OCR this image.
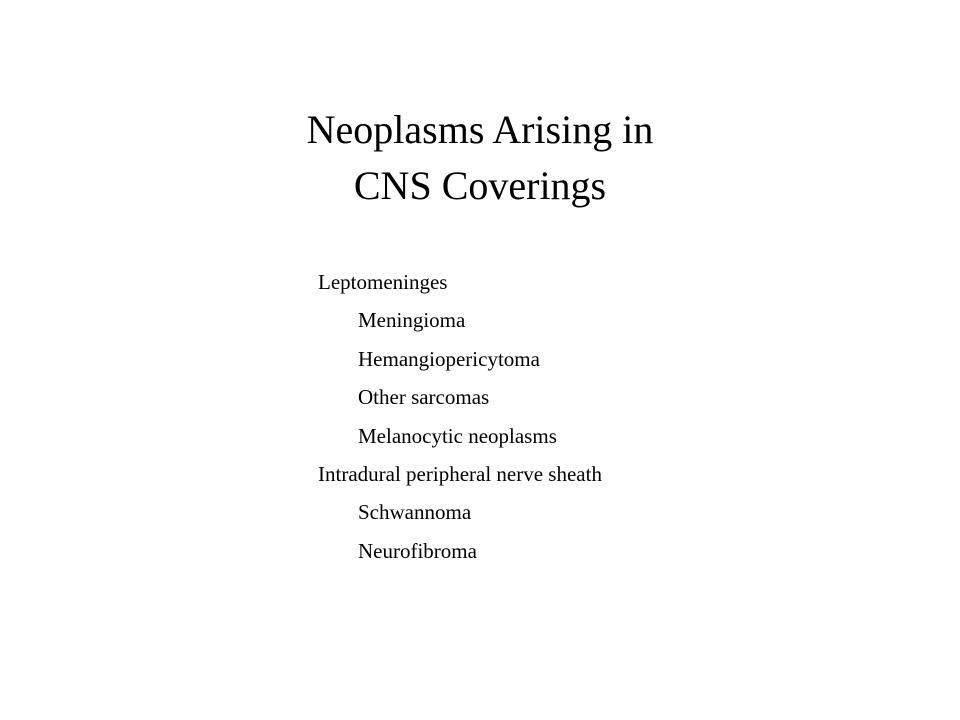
Neoplasms Arising in
CNS Coverings
Leptomeninges
Meningioma
Hemangiopericytoma
Other sarcomas
Melanocytic neoplasms
Intradural peripheral nerve sheath
Schwannoma
Neurofibroma
